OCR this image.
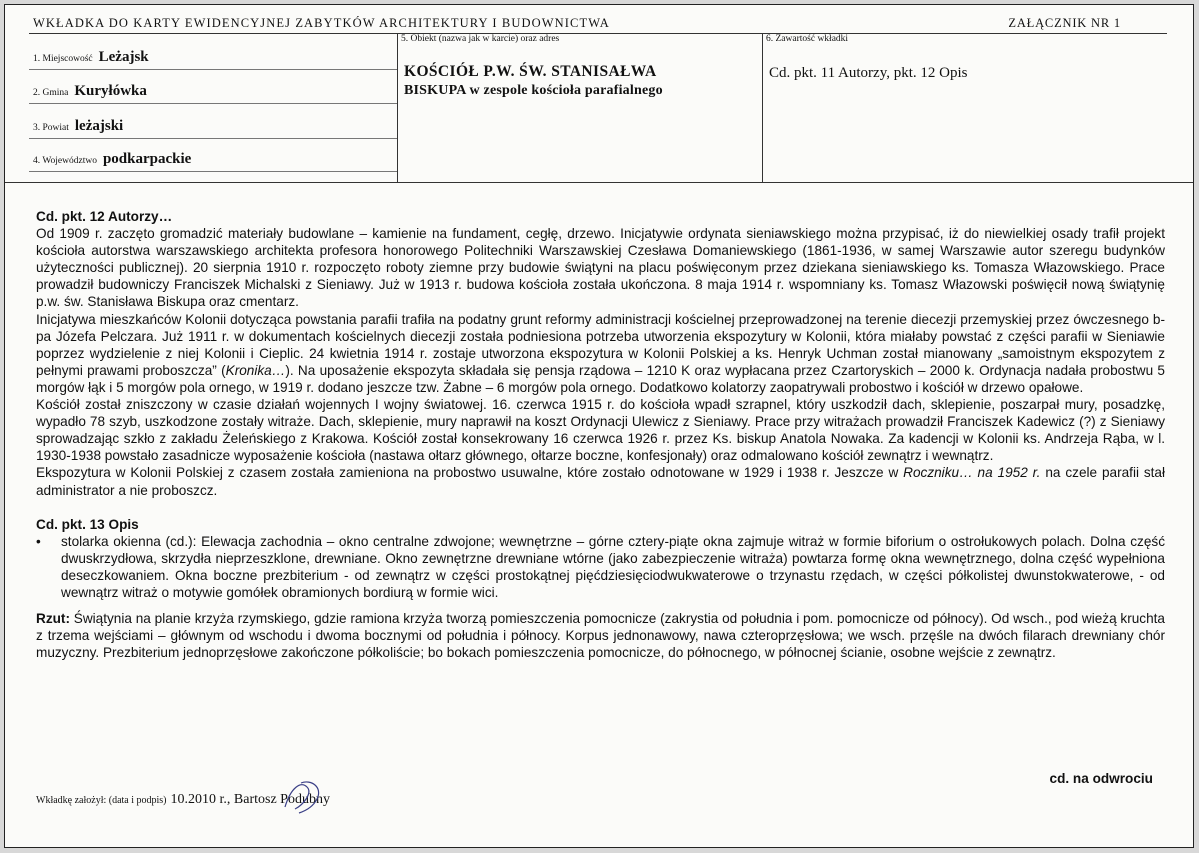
WKŁADKA DO KARTY EWIDENCYJNEJ ZABYTKÓW ARCHITEKTURY I BUDOWNICTWA	ZAŁĄCZNIK NR 1
1. Miejscowość Leżajsk
2. Gmina Kuryłówka
3. Powiat leżajski
4. Województwo podkarpackie
5. Obiekt (nazwa jak w karcie) oraz adres
KOŚCIÓŁ P.W. ŚW. STANISAŁWA
BISKUPA w zespole kościoła parafialnego
6. Zawartość wkładki
Cd. pkt. 11 Autorzy, pkt. 12 Opis

Cd. pkt. 12 Autorzy…

Od 1909 r. zaczęto gromadzić materiały budowlane – kamienie na fundament, cegłę, drzewo. Inicjatywie ordynata sieniawskiego można przypisać, iż do niewielkiej osady trafił projekt kościoła autorstwa warszawskiego architekta profesora honorowego Politechniki Warszawskiej Czesława Domaniewskiego (1861-1936, w samej Warszawie autor szeregu budynków użyteczności publicznej). 20 sierpnia 1910 r. rozpoczęto roboty ziemne przy budowie świątyni na placu poświęconym przez dziekana sieniawskiego ks. Tomasza Włazowskiego. Prace prowadził budowniczy Franciszek Michalski z Sieniawy. Już w 1913 r. budowa kościoła została ukończona. 8 maja 1914 r. wspomniany ks. Tomasz Włazowski poświęcił nową świątynię p.w. św. Stanisława Biskupa oraz cmentarz.

Inicjatywa mieszkańców Kolonii dotycząca powstania parafii trafiła na podatny grunt reformy administracji kościelnej przeprowadzonej na terenie diecezji przemyskiej przez ówczesnego b-pa Józefa Pelczara. Już 1911 r. w dokumentach kościelnych diecezji została podniesiona potrzeba utworzenia ekspozytury w Kolonii, która miałaby powstać z części parafii w Sieniawie poprzez wydzielenie z niej Kolonii i Cieplic. 24 kwietnia 1914 r. zostaje utworzona ekspozytura w Kolonii Polskiej a ks. Henryk Uchman został mianowany „samoistnym ekspozytem z pełnymi prawami proboszcza” (Kronika…). Na uposażenie ekspozyta składała się pensja rządowa – 1210 K oraz wypłacana przez Czartoryskich – 2000 k. Ordynacja nadała probostwu 5 morgów łąk i 5 morgów pola ornego, w 1919 r. dodano jeszcze tzw. Żabne – 6 morgów pola ornego. Dodatkowo kolatorzy zaopatrywali probostwo i kościół w drzewo opałowe.

Kościół został zniszczony w czasie działań wojennych I wojny światowej. 16. czerwca 1915 r. do kościoła wpadł szrapnel, który uszkodził dach, sklepienie, poszarpał mury, posadzkę, wypadło 78 szyb, uszkodzone zostały witraże. Dach, sklepienie, mury naprawił na koszt Ordynacji Ulewicz z Sieniawy. Prace przy witrażach prowadził Franciszek Kadewicz (?) z Sieniawy sprowadzając szkło z zakładu Żeleńskiego z Krakowa. Kościół został konsekrowany 16 czerwca 1926 r. przez Ks. biskup Anatola Nowaka. Za kadencji w Kolonii ks. Andrzeja Rąba, w l. 1930-1938 powstało zasadnicze wyposażenie kościoła (nastawa ołtarz głównego, ołtarze boczne, konfesjonały) oraz odmalowano kościół zewnątrz i wewnątrz.

Ekspozytura w Kolonii Polskiej z czasem została zamieniona na probostwo usuwalne, które zostało odnotowane w 1929 i 1938 r. Jeszcze w Roczniku… na 1952 r. na czele parafii stał administrator a nie proboszcz.

Cd. pkt. 13 Opis

• stolarka okienna (cd.): Elewacja zachodnia – okno centralne zdwojone; wewnętrzne – górne cztery-piąte okna zajmuje witraż w formie biforium o ostrołukowych polach. Dolna część dwuskrzydłowa, skrzydła nieprzeszklone, drewniane. Okno zewnętrzne drewniane wtórne (jako zabezpieczenie witraża) powtarza formę okna wewnętrznego, dolna część wypełniona deseczkowaniem. Okna boczne prezbiterium - od zewnątrz w części prostokątnej pięćdziesięciodwukwaterowe o trzynastu rzędach, w części półkolistej dwunstokwaterowe, - od wewnątrz witraż o motywie gomółek obramionych bordiurą w formie wici.

Rzut: Świątynia na planie krzyża rzymskiego, gdzie ramiona krzyża tworzą pomieszczenia pomocnicze (zakrystia od południa i pom. pomocnicze od północy). Od wsch., pod wieżą kruchta z trzema wejściami – głównym od wschodu i dwoma bocznymi od południa i północy. Korpus jednonawowy, nawa czteroprzęsłowa; we wsch. przęśle na dwóch filarach drewniany chór muzyczny. Prezbiterium jednoprzęsłowe zakończone półkoliście; bo bokach pomieszczenia pomocnicze, do północnego, w północnej ścianie, osobne wejście z zewnątrz.

cd. na odwrociu
Wkładkę założył: (data i podpis) 10.2010 r., Bartosz Podubny
